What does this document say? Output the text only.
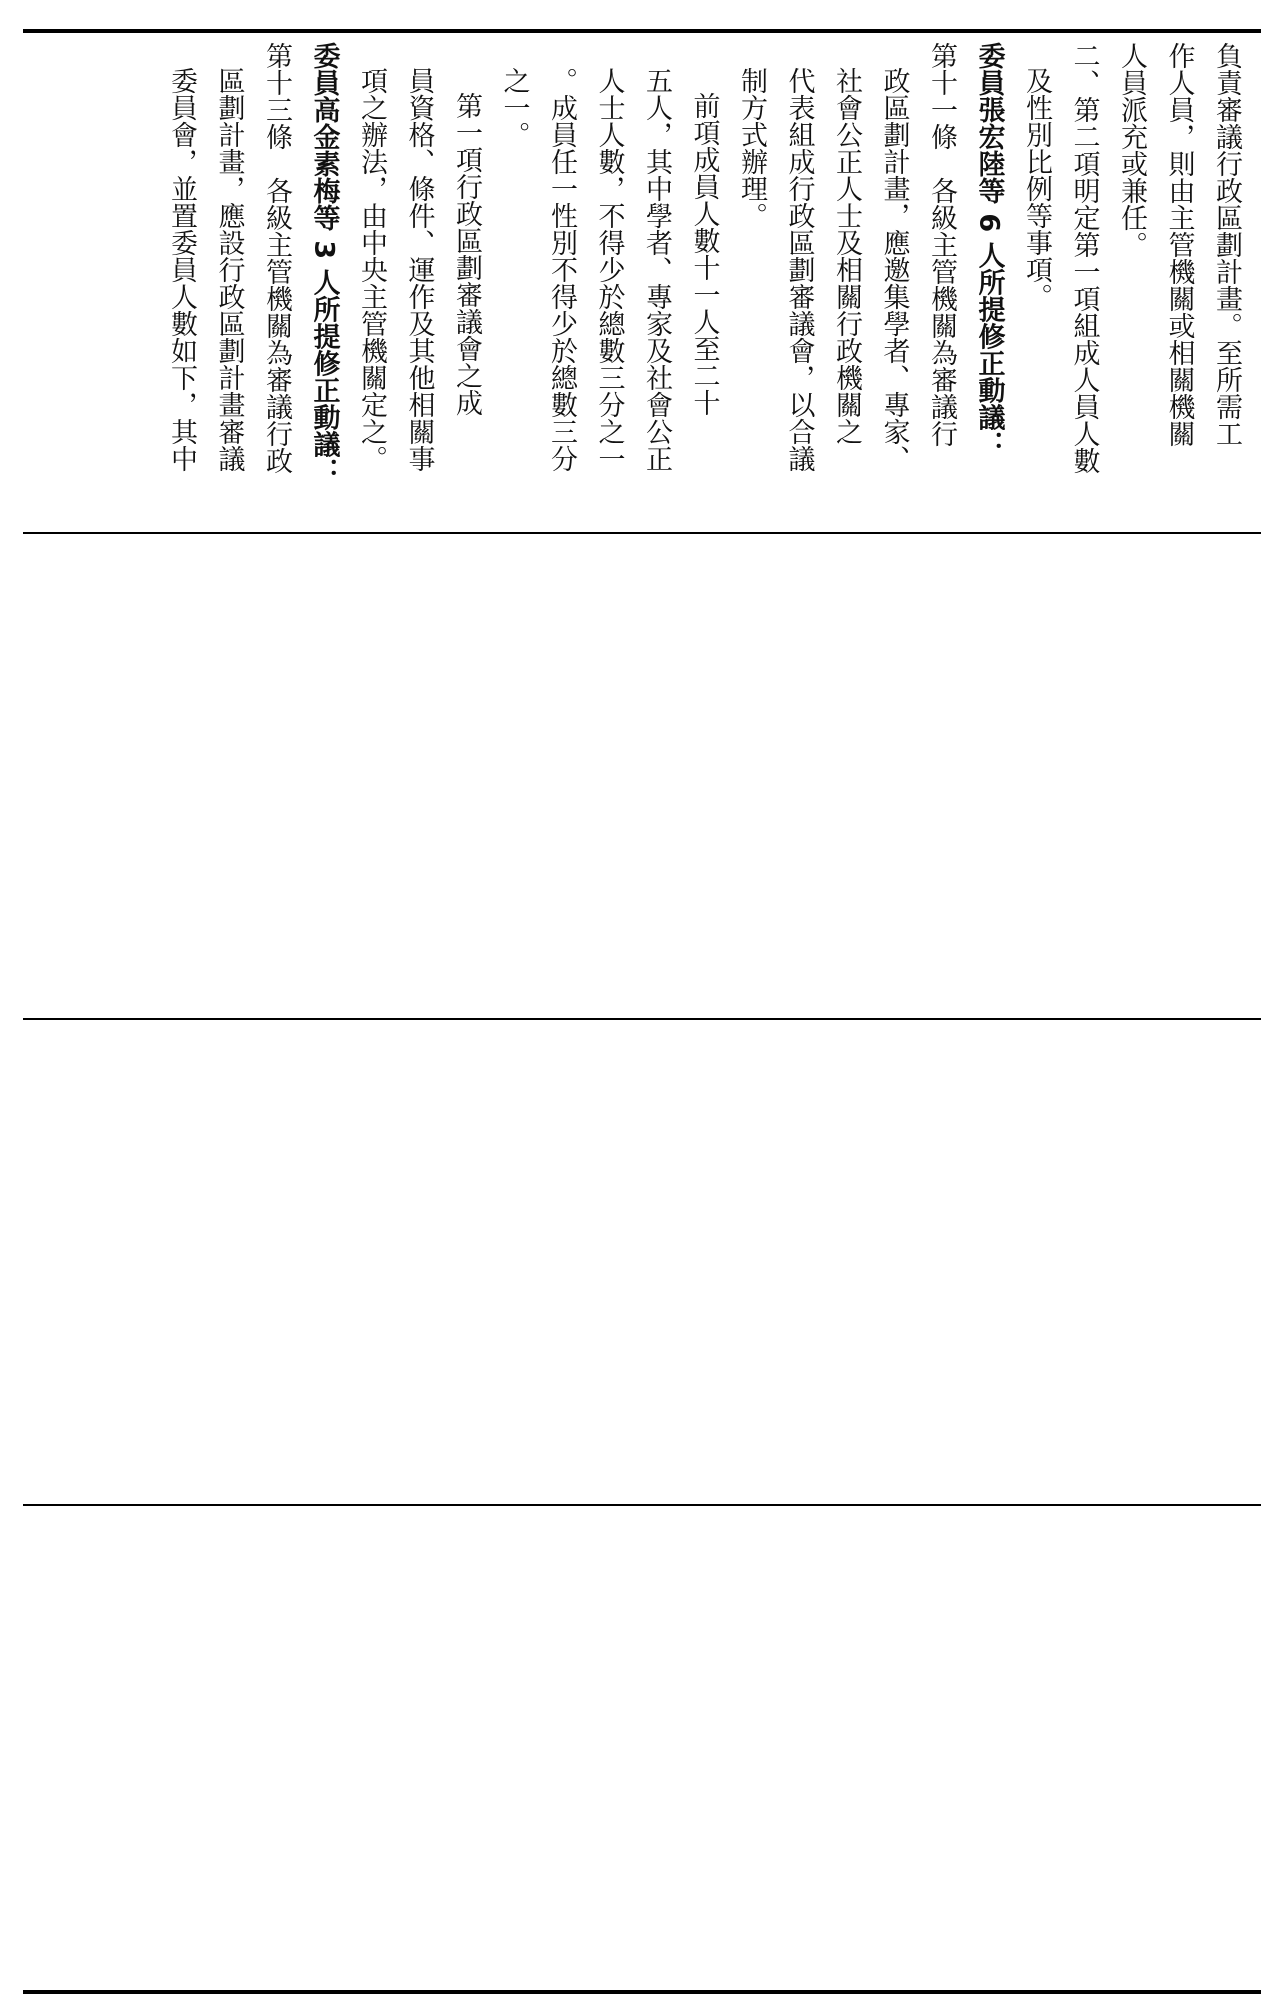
負責審議行政區劃計畫。至所需工
作人員，則由主管機關或相關機關
人員派充或兼任。
二、第二項明定第一項組成人員人數
及性別比例等事項。
委員張宏陸等 6 人所提修正動議：
第十一條　各級主管機關為審議行
政區劃計畫，應邀集學者、專家、
社會公正人士及相關行政機關之
代表組成行政區劃審議會，以合議
制方式辦理。
前項成員人數十一人至二十
五人，其中學者、專家及社會公正
人士人數，不得少於總數三分之一
。成員任一性別不得少於總數三分
之一。
第一項行政區劃審議會之成
員資格、條件、運作及其他相關事
項之辦法，由中央主管機關定之。
委員高金素梅等 3 人所提修正動議：
第十三條　各級主管機關為審議行政
區劃計畫，應設行政區劃計畫審議
委員會，並置委員人數如下，其中
